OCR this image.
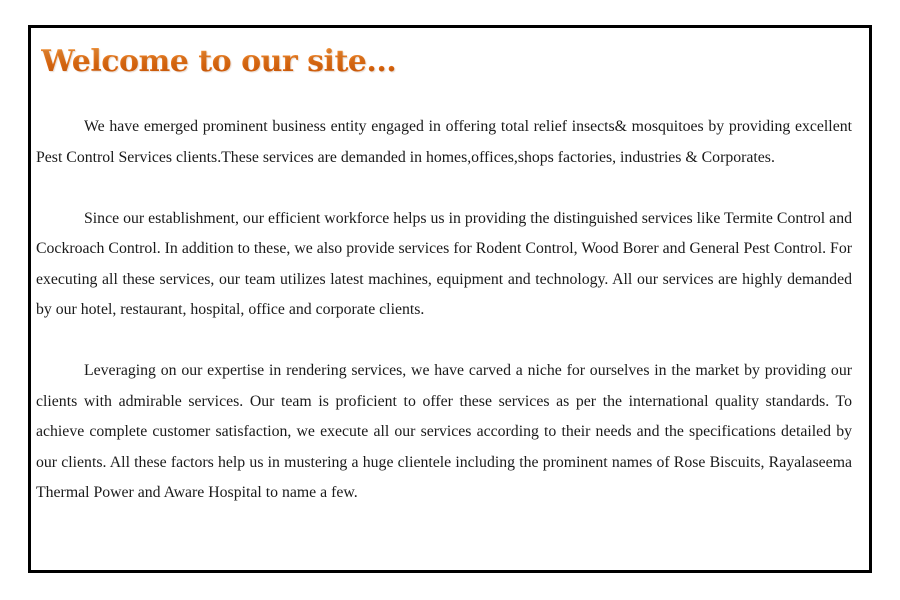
Welcome to our site...

We have emerged prominent business entity engaged in offering total relief insects& mosquitoes by providing excellent Pest Control Services clients.These services are demanded in homes,offices,shops factories, industries & Corporates.

Since our establishment, our efficient workforce helps us in providing the distinguished services like Termite Control and Cockroach Control. In addition to these, we also provide services for Rodent Control, Wood Borer and General Pest Control. For executing all these services, our team utilizes latest machines, equipment and technology. All our services are highly demanded by our hotel, restaurant, hospital, office and corporate clients.

Leveraging on our expertise in rendering services, we have carved a niche for ourselves in the market by providing our clients with admirable services. Our team is proficient to offer these services as per the international quality standards. To achieve complete customer satisfaction, we execute all our services according to their needs and the specifications detailed by our clients. All these factors help us in mustering a huge clientele including the prominent names of Rose Biscuits, Rayalaseema Thermal Power and Aware Hospital to name a few.
